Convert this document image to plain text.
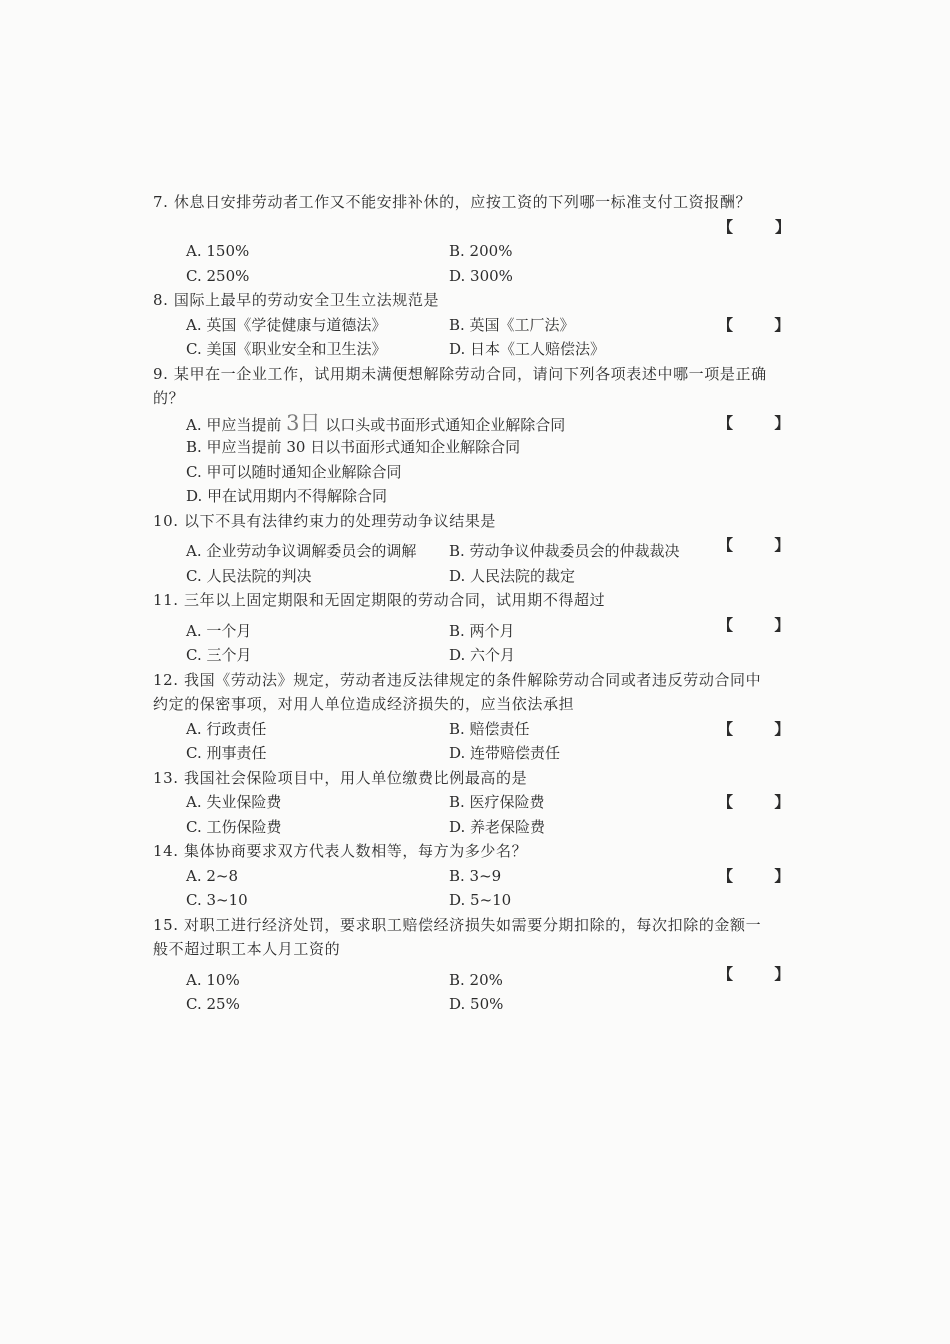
7. 休息日安排劳动者工作又不能安排补休的，应按工资的下列哪一标准支付工资报酬？
【	】
A. 150%	B. 200%
C. 250%	D. 300%
8. 国际上最早的劳动安全卫生立法规范是
【	】
A. 英国《学徒健康与道德法》	B. 英国《工厂法》
C. 美国《职业安全和卫生法》	D. 日本《工人赔偿法》
9. 某甲在一企业工作，试用期未满便想解除劳动合同，请问下列各项表述中哪一项是正确
的？
【	】
A. 甲应当提前 3日 以口头或书面形式通知企业解除合同
B. 甲应当提前 30 日以书面形式通知企业解除合同
C. 甲可以随时通知企业解除合同
D. 甲在试用期内不得解除合同
10. 以下不具有法律约束力的处理劳动争议结果是
【	】
A. 企业劳动争议调解委员会的调解 B. 劳动争议仲裁委员会的仲裁裁决
C. 人民法院的判决	D. 人民法院的裁定
11. 三年以上固定期限和无固定期限的劳动合同，试用期不得超过
【	】
A. 一个月	B. 两个月
C. 三个月	D. 六个月
12. 我国《劳动法》规定，劳动者违反法律规定的条件解除劳动合同或者违反劳动合同中
约定的保密事项，对用人单位造成经济损失的，应当依法承担
【	】
A. 行政责任	B. 赔偿责任
C. 刑事责任	D. 连带赔偿责任
13. 我国社会保险项目中，用人单位缴费比例最高的是
【	】
A. 失业保险费	B. 医疗保险费
C. 工伤保险费	D. 养老保险费
14. 集体协商要求双方代表人数相等，每方为多少名？
【	】
A. 2~8	B. 3~9
C. 3~10	D. 5~10
15. 对职工进行经济处罚，要求职工赔偿经济损失如需要分期扣除的，每次扣除的金额一
般不超过职工本人月工资的
【	】
A. 10%	B. 20%
C. 25%	D. 50%
